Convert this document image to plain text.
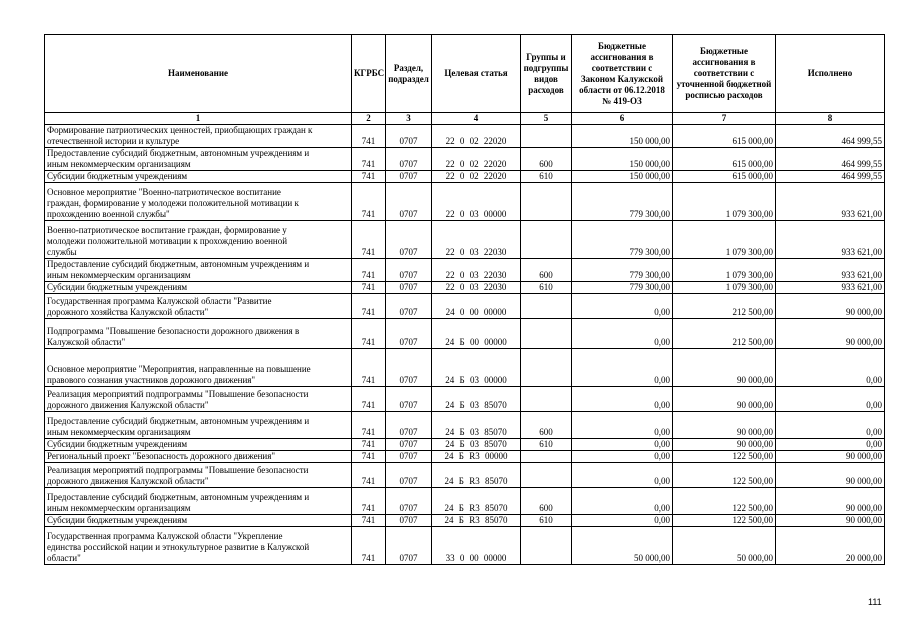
Наименование	КГРБС	Раздел, подраздел	Целевая статья	Группы и подгруппы видов расходов	Бюджетные ассигнования в соответствии с Законом Калужской области от 06.12.2018 № 419-ОЗ	Бюджетные ассигнования в соответствии с уточненной бюджетной росписью расходов	Исполнено
1	2	3	4	5	6	7	8
Формирование патриотических ценностей, приобщающих граждан к
отечественной истории и культуре	741	0707	22 0 02 22020		150 000,00	615 000,00	464 999,55
Предоставление субсидий бюджетным, автономным учреждениям и
иным некоммерческим организациям	741	0707	22 0 02 22020	600	150 000,00	615 000,00	464 999,55
Субсидии бюджетным учреждениям	741	0707	22 0 02 22020	610	150 000,00	615 000,00	464 999,55
Основное мероприятие "Военно-патриотическое воспитание
граждан, формирование у молодежи положительной мотивации к
прохождению военной службы"	741	0707	22 0 03 00000		779 300,00	1 079 300,00	933 621,00
Военно-патриотическое воспитание граждан, формирование у
молодежи положительной мотивации к прохождению военной
службы	741	0707	22 0 03 22030		779 300,00	1 079 300,00	933 621,00
Предоставление субсидий бюджетным, автономным учреждениям и
иным некоммерческим организациям	741	0707	22 0 03 22030	600	779 300,00	1 079 300,00	933 621,00
Субсидии бюджетным учреждениям	741	0707	22 0 03 22030	610	779 300,00	1 079 300,00	933 621,00
Государственная программа Калужской области "Развитие
дорожного хозяйства Калужской области"	741	0707	24 0 00 00000		0,00	212 500,00	90 000,00
Подпрограмма "Повышение безопасности дорожного движения в
Калужской области"	741	0707	24 Б 00 00000		0,00	212 500,00	90 000,00
Основное мероприятие "Мероприятия, направленные на повышение
правового сознания участников дорожного движения"	741	0707	24 Б 03 00000		0,00	90 000,00	0,00
Реализация мероприятий подпрограммы "Повышение безопасности
дорожного движения Калужской области"	741	0707	24 Б 03 85070		0,00	90 000,00	0,00
Предоставление субсидий бюджетным, автономным учреждениям и
иным некоммерческим организациям	741	0707	24 Б 03 85070	600	0,00	90 000,00	0,00
Субсидии бюджетным учреждениям	741	0707	24 Б 03 85070	610	0,00	90 000,00	0,00
Региональный проект "Безопасность дорожного движения"	741	0707	24 Б R3 00000		0,00	122 500,00	90 000,00
Реализация мероприятий подпрограммы "Повышение безопасности
дорожного движения Калужской области"	741	0707	24 Б R3 85070		0,00	122 500,00	90 000,00
Предоставление субсидий бюджетным, автономным учреждениям и
иным некоммерческим организациям	741	0707	24 Б R3 85070	600	0,00	122 500,00	90 000,00
Субсидии бюджетным учреждениям	741	0707	24 Б R3 85070	610	0,00	122 500,00	90 000,00
Государственная программа Калужской области "Укрепление
единства российской нации и этнокультурное развитие в Калужской
области"	741	0707	33 0 00 00000		50 000,00	50 000,00	20 000,00
111
